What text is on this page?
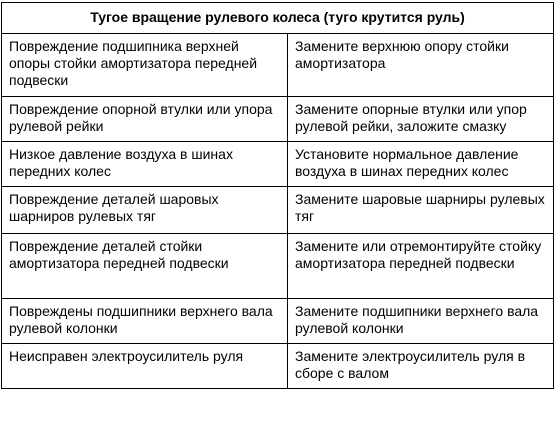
Тугое вращение рулевого колеса (туго крутится руль)	
Повреждение подшипника верхней опоры стойки амортизатора передней подвески	Замените верхнюю опору стойки амортизатора
Повреждение опорной втулки или упора рулевой рейки	Замените опорные втулки или упор рулевой рейки, заложите смазку
Низкое давление воздуха в шинах передних колес	Установите нормальное давление воздуха в шинах передних колес
Повреждение деталей шаровых шарниров рулевых тяг	Замените шаровые шарниры рулевых тяг
Повреждение деталей стойки амортизатора передней подвески	Замените или отремонтируйте стойку амортизатора передней подвески
Повреждены подшипники верхнего вала рулевой колонки	Замените подшипники верхнего вала рулевой колонки
Неисправен электроусилитель руля	Замените электроусилитель руля в сборе с валом
